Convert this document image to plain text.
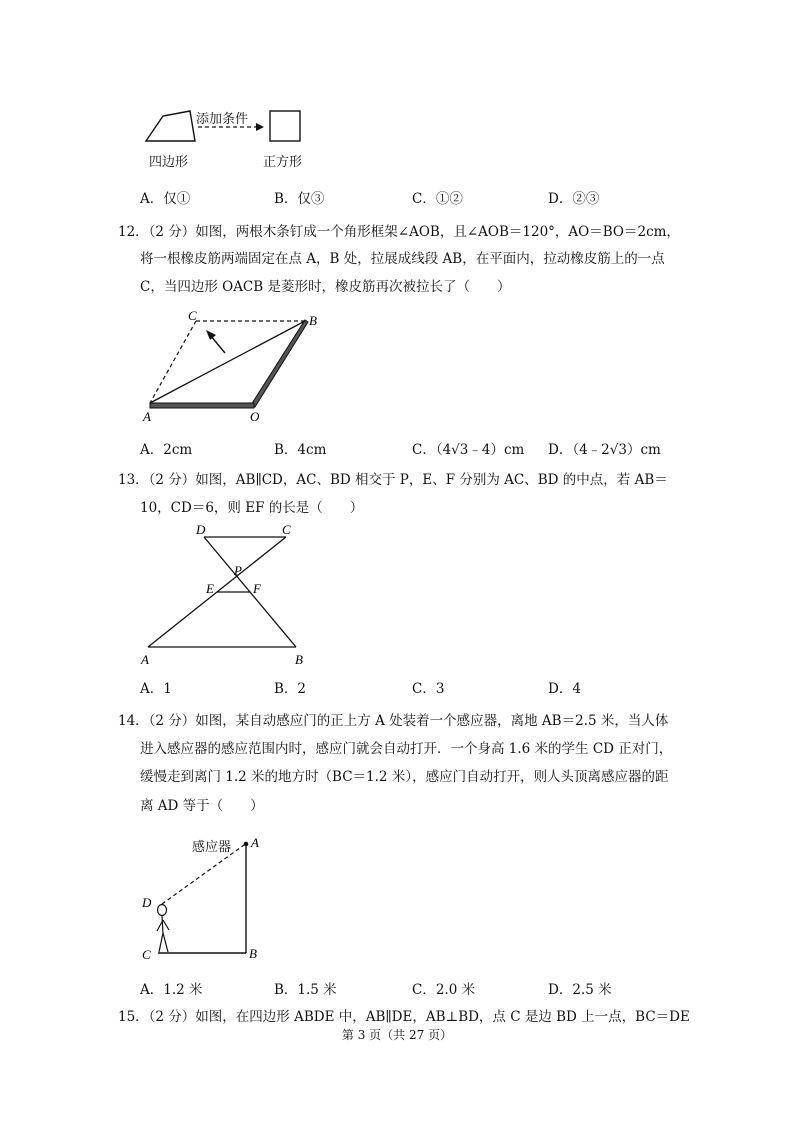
添加条件
四边形	正方形
A．仅①	B．仅③	C．①②	D．②③
12．（2 分）如图，两根木条钉成一个角形框架∠AOB，且∠AOB＝120°，AO＝BO＝2cm，
将一根橡皮筋两端固定在点 A，B 处，拉展成线段 AB，在平面内，拉动橡皮筋上的一点
C，当四边形 OACB 是菱形时，橡皮筋再次被拉长了（　　）
C	B
A	O
A．2cm	B．4cm	C．（4√3﹣4）cm D．（4﹣2√3）cm
13．（2 分）如图，AB∥CD，AC、BD 相交于 P，E、F 分别为 AC、BD 的中点，若 AB＝
10，CD＝6，则 EF 的长是（　　）
D	C
P
E	F
A	B
A．1	B．2	C．3	D．4
14．（2 分）如图，某自动感应门的正上方 A 处装着一个感应器，离地 AB＝2.5 米，当人体
进入感应器的感应范围内时，感应门就会自动打开．一个身高 1.6 米的学生 CD 正对门，
缓慢走到离门 1.2 米的地方时（BC＝1.2 米），感应门自动打开，则人头顶离感应器的距
离 AD 等于（　　）
感应器 A
D
C	B
A．1.2 米	B．1.5 米	C．2.0 米	D．2.5 米
15．（2 分）如图，在四边形 ABDE 中，AB∥DE，AB⊥BD，点 C 是边 BD 上一点，BC＝DE
第 3 页（共 27 页）
